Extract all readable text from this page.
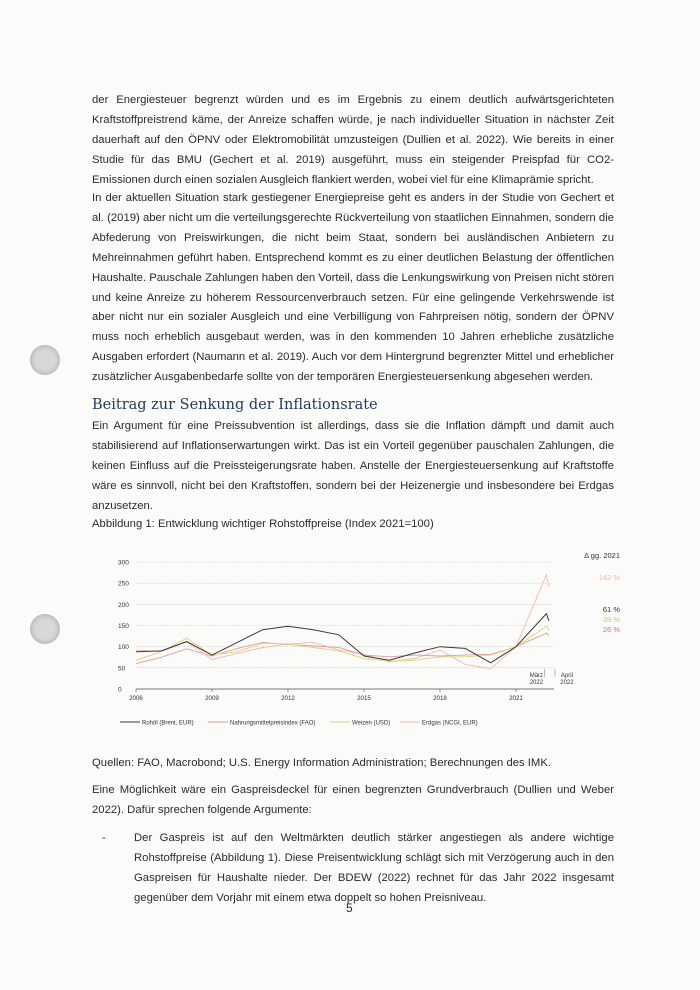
der Energiesteuer begrenzt würden und es im Ergebnis zu einem deutlich aufwärtsgerichteten Kraftstoffpreistrend käme, der Anreize schaffen würde, je nach individueller Situation in nächster Zeit dauerhaft auf den ÖPNV oder Elektromobilität umzusteigen (Dullien et al. 2022). Wie bereits in einer Studie für das BMU (Gechert et al. 2019) ausgeführt, muss ein steigender Preispfad für CO2-Emissionen durch einen sozialen Ausgleich flankiert werden, wobei viel für eine Klimaprämie spricht.

In der aktuellen Situation stark gestiegener Energiepreise geht es anders in der Studie von Gechert et al. (2019) aber nicht um die verteilungsgerechte Rückverteilung von staatlichen Einnahmen, sondern die Abfederung von Preiswirkungen, die nicht beim Staat, sondern bei ausländischen Anbietern zu Mehreinnahmen geführt haben. Entsprechend kommt es zu einer deutlichen Belastung der öffentlichen Haushalte. Pauschale Zahlungen haben den Vorteil, dass die Lenkungswirkung von Preisen nicht stören und keine Anreize zu höherem Ressourcenverbrauch setzen. Für eine gelingende Verkehrswende ist aber nicht nur ein sozialer Ausgleich und eine Verbilligung von Fahrpreisen nötig, sondern der ÖPNV muss noch erheblich ausgebaut werden, was in den kommenden 10 Jahren erhebliche zusätzliche Ausgaben erfordert (Naumann et al. 2019). Auch vor dem Hintergrund begrenzter Mittel und erheblicher zusätzlicher Ausgabenbedarfe sollte von der temporären Energiesteuersenkung abgesehen werden.

Beitrag zur Senkung der Inflationsrate

Ein Argument für eine Preissubvention ist allerdings, dass sie die Inflation dämpft und damit auch stabilisierend auf Inflationserwartungen wirkt. Das ist ein Vorteil gegenüber pauschalen Zahlungen, die keinen Einfluss auf die Preissteigerungsrate haben. Anstelle der Energiesteuersenkung auf Kraftstoffe wäre es sinnvoll, nicht bei den Kraftstoffen, sondern bei der Heizenergie und insbesondere bei Erdgas anzusetzen.

Abbildung 1: Entwicklung wichtiger Rohstoffpreise (Index 2021=100)

0
50
100
150
200
250
300
2006	2009	2012	2015	2018	2021
März
2022
April
2022
Δ gg. 2021
142 %
61 %
39 %
26 %
Rohöl (Brent, EUR)	Nahrungsmittelpreisindex (FAO)	Weizen (USD)	Erdgas (NCGI, EUR)

Quellen: FAO, Macrobond; U.S. Energy Information Administration; Berechnungen des IMK.

Eine Möglichkeit wäre ein Gaspreisdeckel für einen begrenzten Grundverbrauch (Dullien und Weber 2022). Dafür sprechen folgende Argumente:

- Der Gaspreis ist auf den Weltmärkten deutlich stärker angestiegen als andere wichtige Rohstoffpreise (Abbildung 1). Diese Preisentwicklung schlägt sich mit Verzögerung auch in den Gaspreisen für Haushalte nieder. Der BDEW (2022) rechnet für das Jahr 2022 insgesamt gegenüber dem Vorjahr mit einem etwa doppelt so hohen Preisniveau.
5
